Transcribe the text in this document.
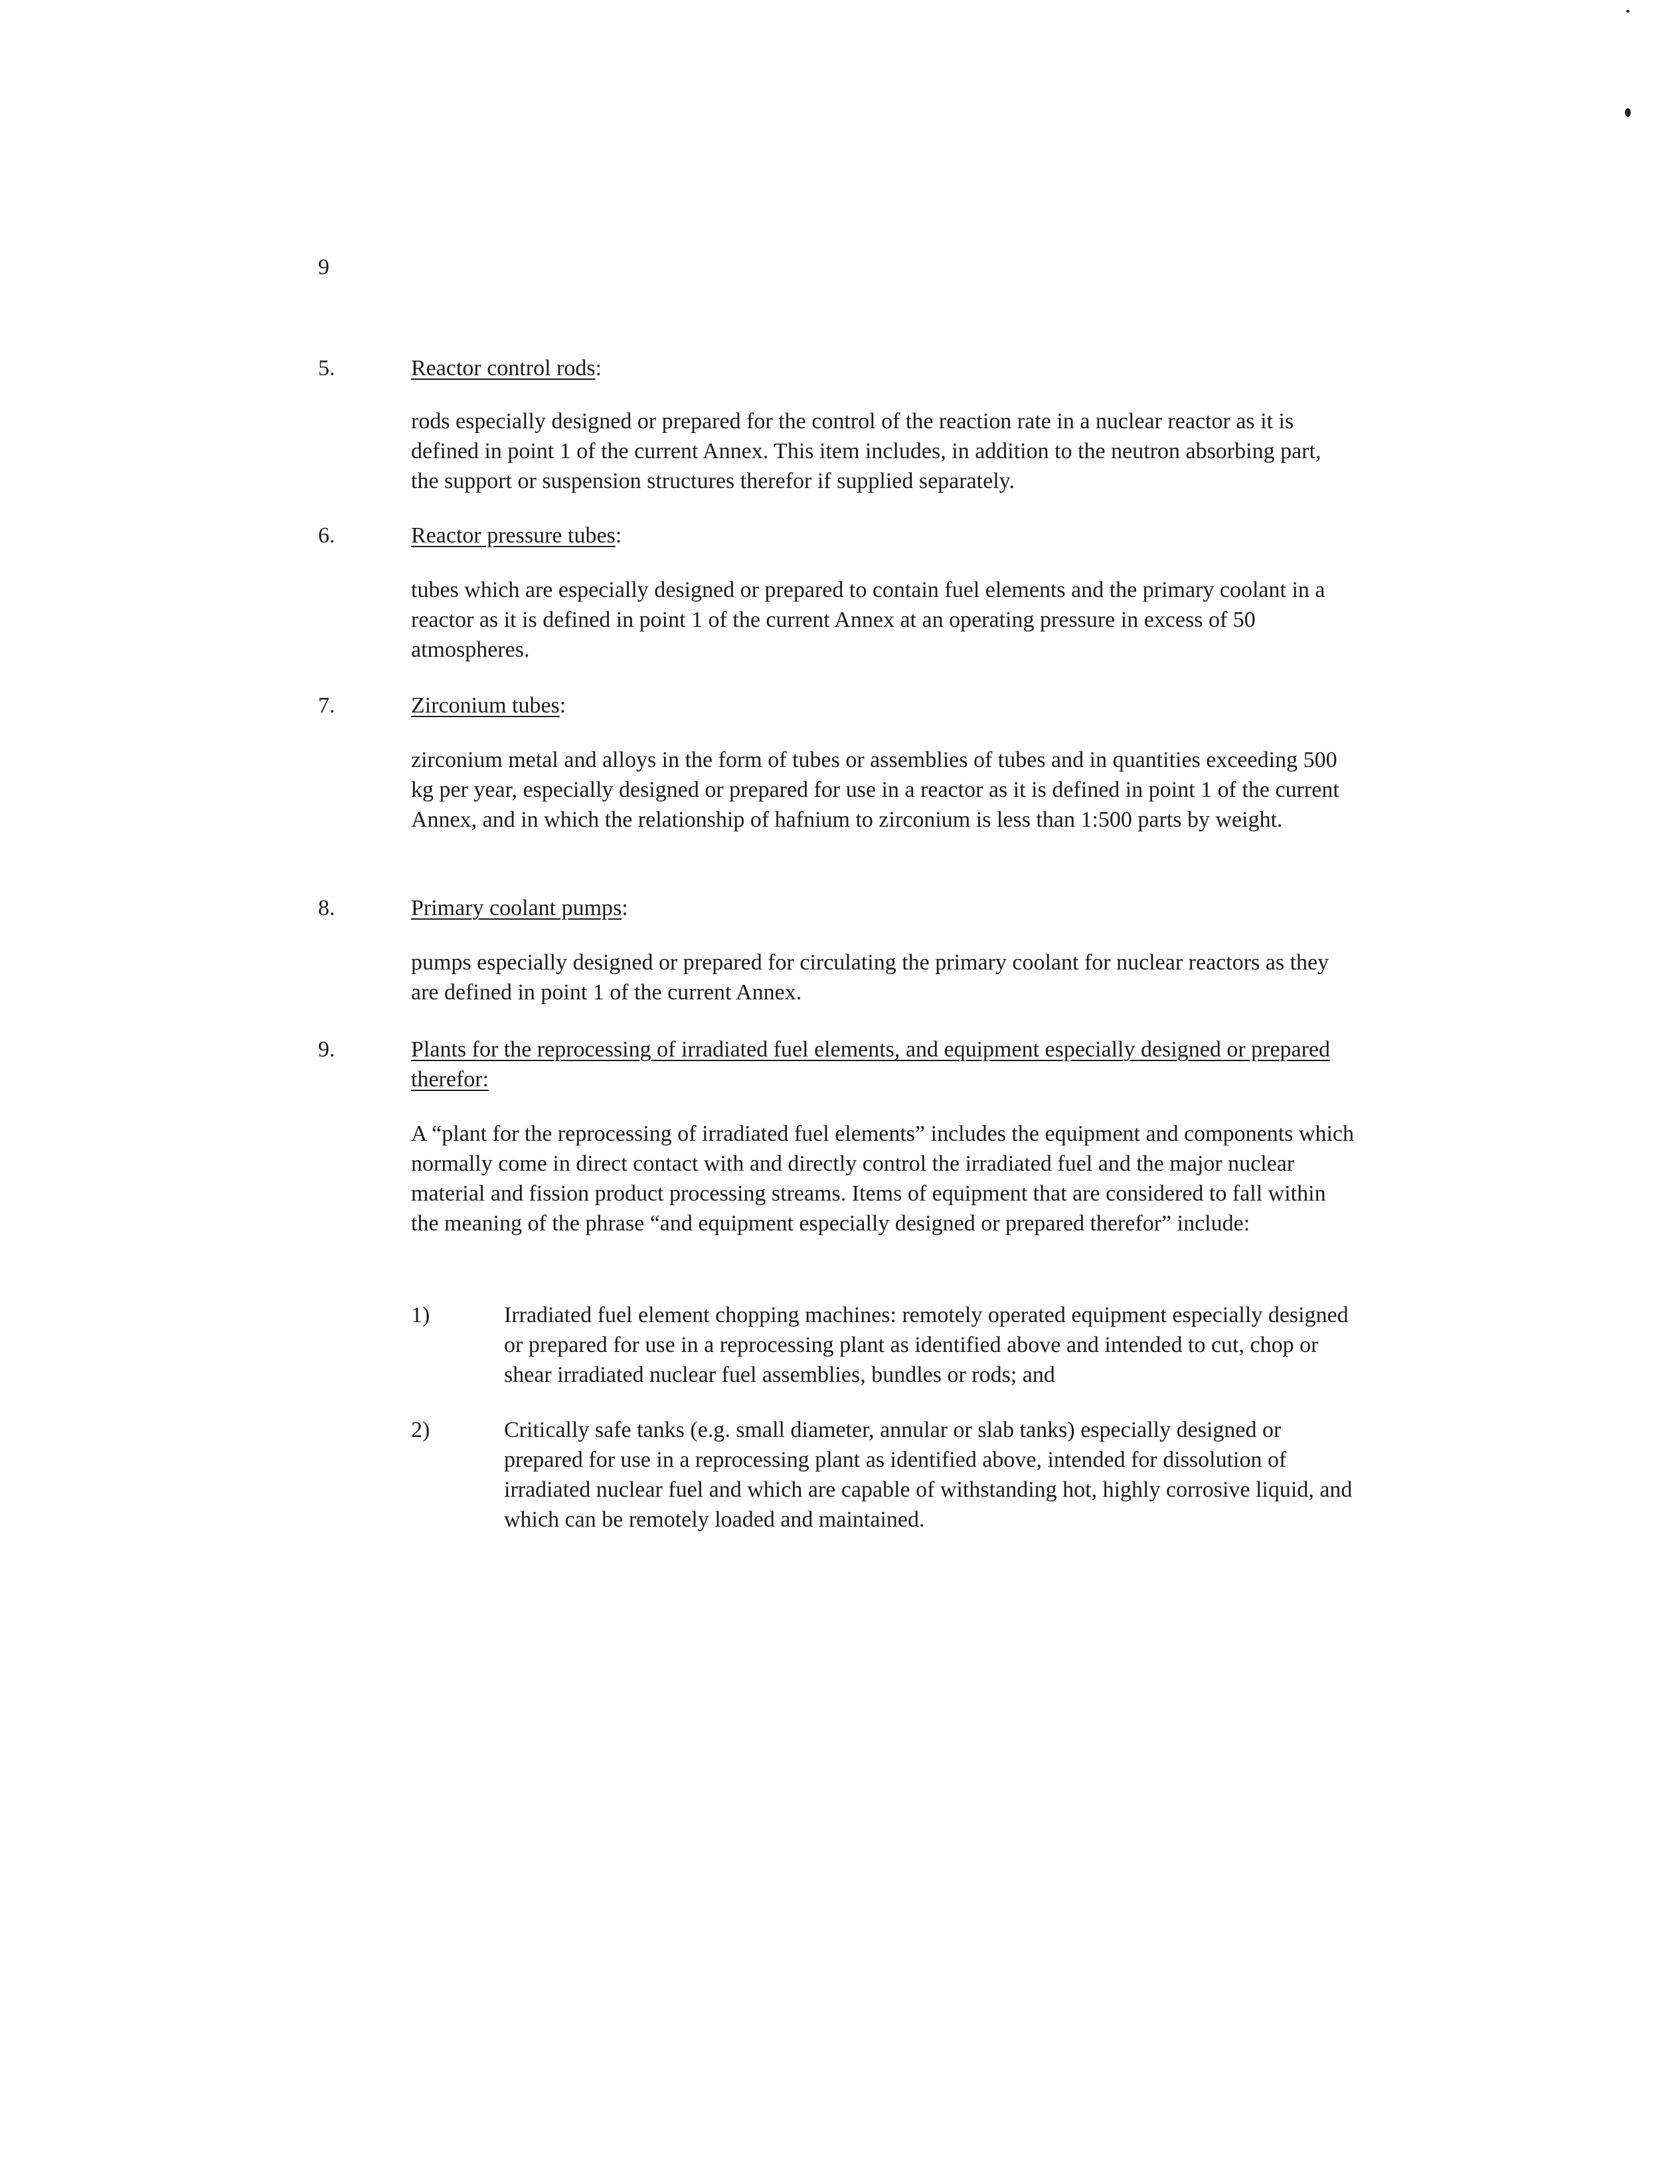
9
5.	Reactor control rods:

rods especially designed or prepared for the control of the reaction rate in a nuclear reactor as it is defined in point 1 of the current Annex. This item includes, in addition to the neutron absorbing part, the support or suspension structures therefor if supplied separately.

6.	Reactor pressure tubes:

tubes which are especially designed or prepared to contain fuel elements and the primary coolant in a reactor as it is defined in point 1 of the current Annex at an operating pressure in excess of 50 atmospheres.

7.	Zirconium tubes:

zirconium metal and alloys in the form of tubes or assemblies of tubes and in quantities exceeding 500 kg per year, especially designed or prepared for use in a reactor as it is defined in point 1 of the current Annex, and in which the relationship of hafnium to zirconium is less than 1:500 parts by weight.

8.	Primary coolant pumps:

pumps especially designed or prepared for circulating the primary coolant for nuclear reactors as they are defined in point 1 of the current Annex.

9.	Plants for the reprocessing of irradiated fuel elements, and equipment especially designed or prepared therefor:

A “plant for the reprocessing of irradiated fuel elements” includes the equipment and components which normally come in direct contact with and directly control the irradiated fuel and the major nuclear material and fission product processing streams. Items of equipment that are considered to fall within the meaning of the phrase “and equipment especially designed or prepared therefor” include:

1)	Irradiated fuel element chopping machines: remotely operated equipment especially designed or prepared for use in a reprocessing plant as identified above and intended to cut, chop or shear irradiated nuclear fuel assemblies, bundles or rods; and

2)	Critically safe tanks (e.g. small diameter, annular or slab tanks) especially designed or prepared for use in a reprocessing plant as identified above, intended for dissolution of irradiated nuclear fuel and which are capable of withstanding hot, highly corrosive liquid, and which can be remotely loaded and maintained.
